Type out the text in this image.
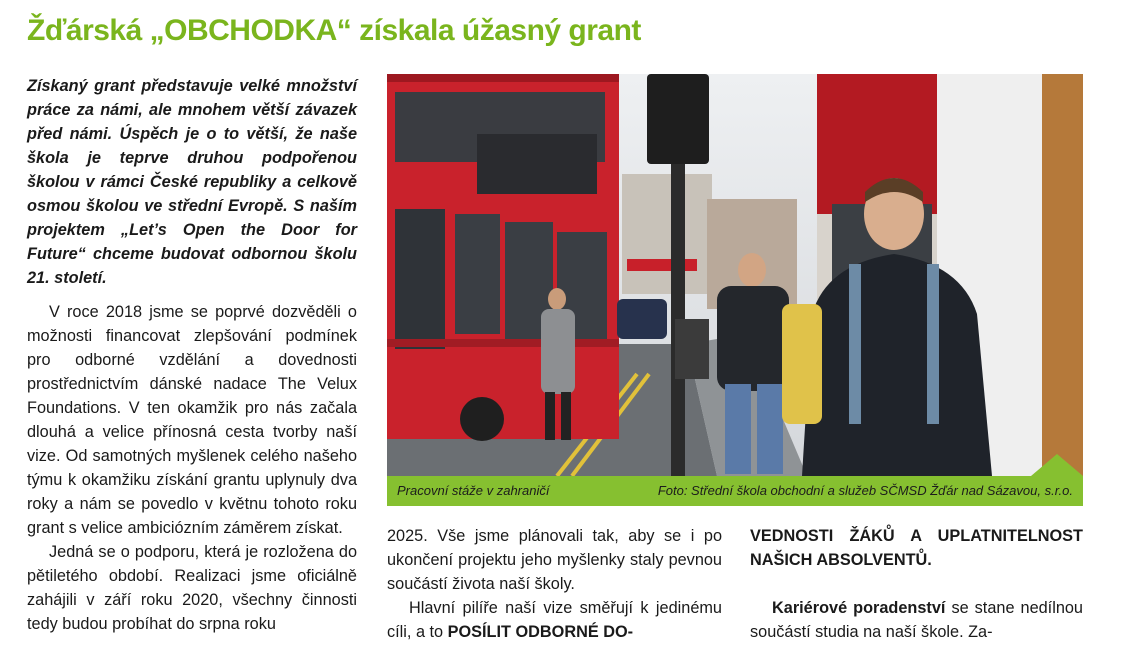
Žďárská „OBCHODKA“ získala úžasný grant

Získaný grant představuje velké množství práce za námi, ale mnohem větší závazek před námi. Úspěch je o to větší, že naše škola je teprve druhou podpořenou školou v rámci České republiky a celkově osmou školou ve střední Evropě. S naším projektem „Let’s Open the Door for Future“ chceme budovat odbornou školu 21. století.

V roce 2018 jsme se poprvé dozvěděli o možnosti financovat zlepšování podmínek pro odborné vzdělání a dovednosti prostřednictvím dánské nadace The Velux Foundations. V ten okamžik pro nás začala dlouhá a velice přínosná cesta tvorby naší vize. Od samotných myšlenek celého našeho týmu k okamžiku získání grantu uplynuly dva roky a nám se povedlo v květnu tohoto roku grant s velice ambiciózním záměrem získat.

Jedná se o podporu, která je rozložena do pětiletého období. Realizaci jsme oficiálně zahájili v září roku 2020, všechny činnosti tedy budou probíhat do srpna roku

Pracovní stáže v zahraničí	Foto: Střední škola obchodní a služeb SČMSD Žďár nad Sázavou, s.r.o.

2025. Vše jsme plánovali tak, aby se i po ukončení projektu jeho myšlenky staly pevnou součástí života naší školy.

Hlavní pilíře naší vize směřují k jedinému cíli, a to POSÍLIT ODBORNÉ DO-

VEDNOSTI ŽÁKŮ A UPLATNITELNOST NAŠICH ABSOLVENTŮ.

Kariérové poradenství se stane nedílnou součástí studia na naší škole. Za-
